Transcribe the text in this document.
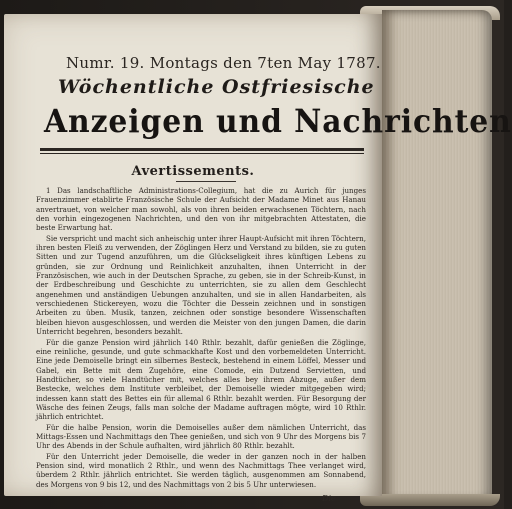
Numr. 19. Montags den 7ten May 1787.
Wöchentliche Ostfriesische
Anzeigen und Nachrichten
Avertissements.

1 Das landschaftliche Administrations-Collegium, hat die zu Aurich für junges Frauenzimmer etablirte Französische Schule der Aufsicht der Madame Minet aus Hanau anvertrauet, von welcher man sowohl, als von ihren beiden erwachsenen Töchtern, nach den vorhin eingezogenen Nachrichten, und den von ihr mitgebrachten Attestaten, die beste Erwartung hat.

Sie verspricht und macht sich anheischig unter ihrer Haupt-Aufsicht mit ihren Töchtern, ihren besten Fleiß zu verwenden, der Zöglingen Herz und Verstand zu bilden, sie zu guten Sitten und zur Tugend anzuführen, um die Glückseligkeit ihres künftigen Lebens zu gründen, sie zur Ordnung und Reinlichkeit anzuhalten, ihnen Unterricht in der Französischen, wie auch in der Deutschen Sprache, zu geben, sie in der Schreib-Kunst, in der Erdbeschreibung und Geschichte zu unterrichten, sie zu allen dem Geschlecht angenehmen und anständigen Uebungen anzuhalten, und sie in allen Handarbeiten, als verschiedenen Stickereyen, wozu die Töchter die Dessein zeichnen und in sonstigen Arbeiten zu üben. Musik, tanzen, zeichnen oder sonstige besondere Wissenschaften bleiben hievon ausgeschlossen, und werden die Meister von den jungen Damen, die darin Unterricht begehren, besonders bezahlt.

Für die ganze Pension wird jährlich 140 Rthlr. bezahlt, dafür genießen die Zöglinge, eine reinliche, gesunde, und gute schmackhafte Kost und den vorbemeldeten Unterricht. Eine jede Demoiselle bringt ein silbernes Besteck, bestehend in einem Löffel, Messer und Gabel, ein Bette mit dem Zugehöre, eine Comode, ein Dutzend Servietten, und Handtücher, so viele Handtücher mit, welches alles bey ihrem Abzuge, außer dem Bestecke, welches dem Institute verbleibet, der Demoiselle wieder mitgegeben wird; indessen kann statt des Bettes ein für allemal 6 Rthlr. bezahlt werden. Für Besorgung der Wäsche des feinen Zeugs, falls man solche der Madame auftragen mögte, wird 10 Rthlr. jährlich entrichtet.

Für die halbe Pension, worin die Demoiselles außer dem nämlichen Unterricht, das Mittags-Essen und Nachmittags den Thee genießen, und sich von 9 Uhr des Morgens bis 7 Uhr des Abends in der Schule aufhalten, wird jährlich 80 Rthlr. bezahlt.

Für den Unterricht jeder Demoiselle, die weder in der ganzen noch in der halben Pension sind, wird monatlich 2 Rthlr., und wenn des Nachmittags Thee verlanget wird, überdem 2 Rthlr. jährlich entrichtet. Sie werden täglich, ausgenommen am Sonnabend, des Morgens von 9 bis 12, und des Nachmittags von 2 bis 5 Uhr unterwiesen.

Die
